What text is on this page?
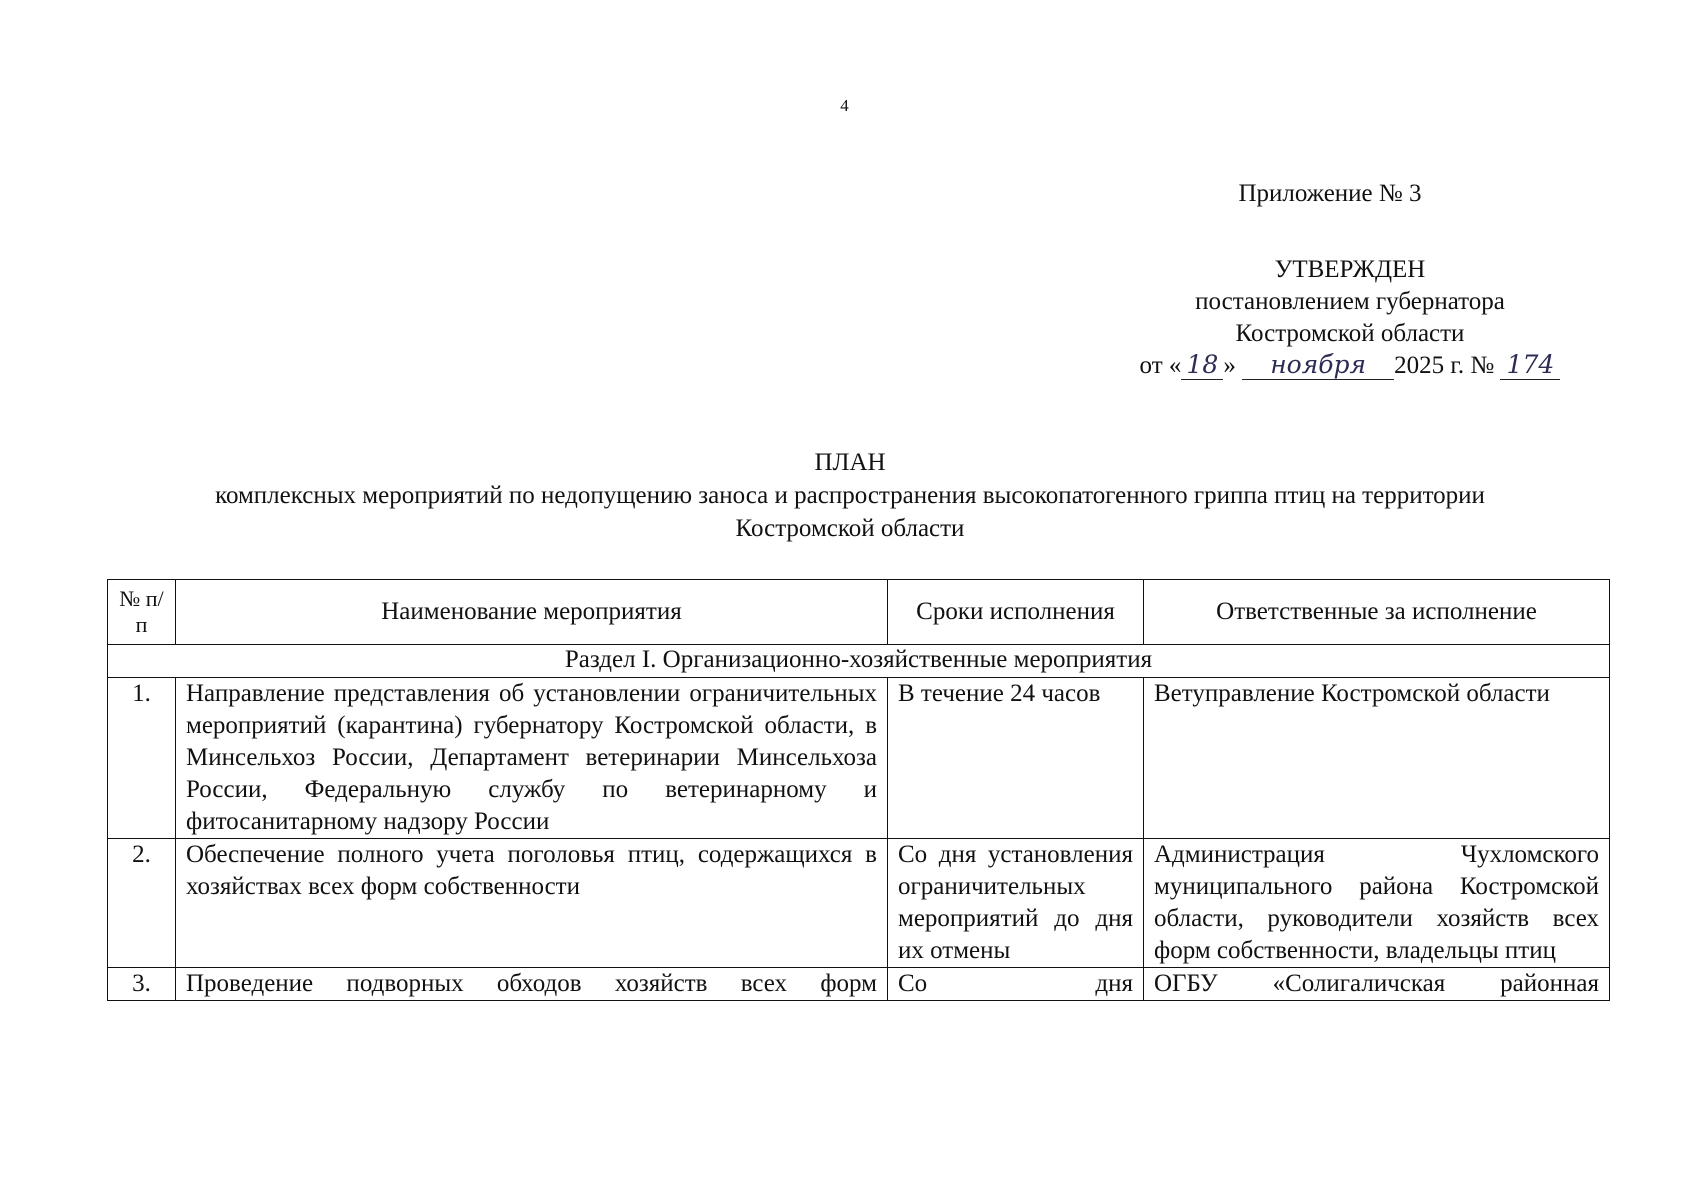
4
Приложение № 3
УТВЕРЖДЕН
постановлением губернатора
Костромской области
от « 18 » ноября 2025 г. № 174
ПЛАН
комплексных мероприятий по недопущению заноса и распространения высокопатогенного гриппа птиц на территории
Костромской области
№ п/п	Наименование мероприятия	Сроки исполнения	Ответственные за исполнение
Раздел I. Организационно-хозяйственные мероприятия			
1.	Направление представления об установлении ограничительных мероприятий (карантина) губернатору Костромской области, в Минсельхоз России, Департамент ветеринарии Минсельхоза России, Федеральную службу по ветеринарному и фитосанитарному надзору России	В течение 24 часов	Ветуправление Костромской области
2.	Обеспечение полного учета поголовья птиц, содержащихся в хозяйствах всех форм собственности	Со дня установления ограничительных мероприятий до дня их отмены	Администрация Чухломского муниципального района Костромской области, руководители хозяйств всех форм собственности, владельцы птиц
3.	Проведение подворных обходов хозяйств всех форм	Со дня	ОГБУ «Солигаличская районная
